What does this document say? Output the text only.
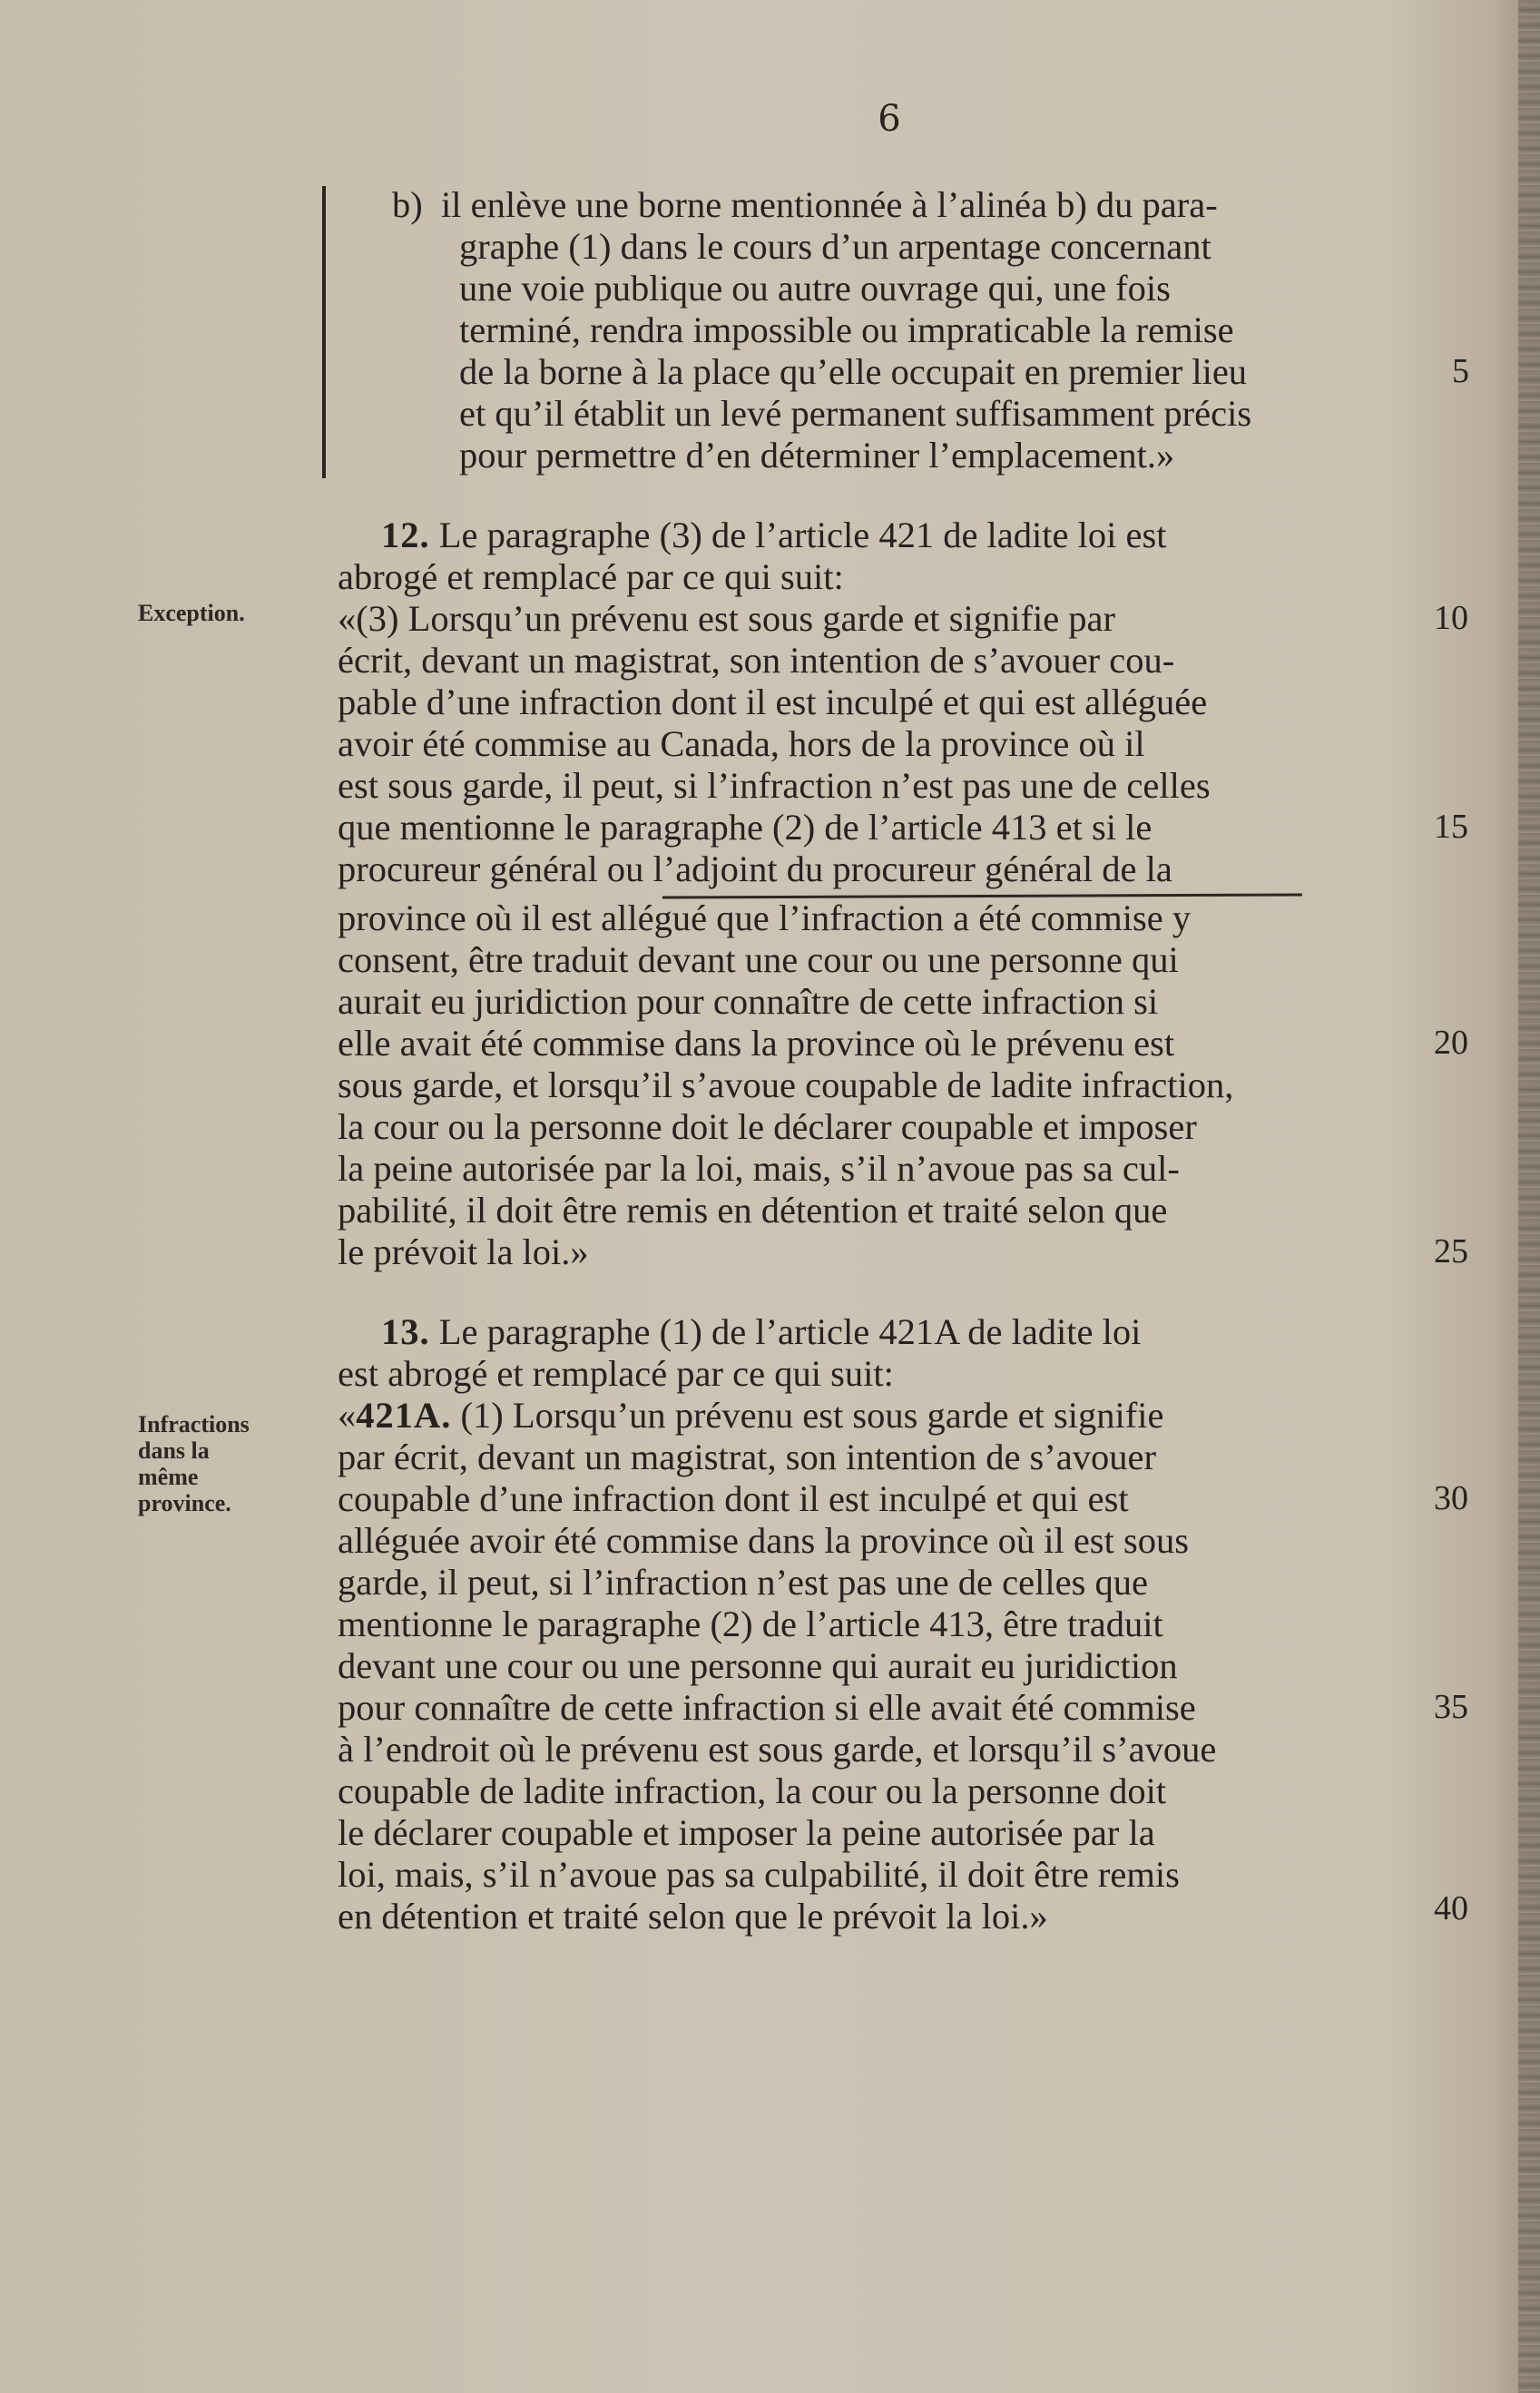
6
b)  il enlève une borne mentionnée à l’alinéa b) du para-
graphe (1) dans le cours d’un arpentage concernant
une voie publique ou autre ouvrage qui, une fois
terminé, rendra impossible ou impraticable la remise
de la borne à la place qu’elle occupait en premier lieu
et qu’il établit un levé permanent suffisamment précis
pour permettre d’en déterminer l’emplacement.»
12. Le paragraphe (3) de l’article 421 de ladite loi est
abrogé et remplacé par ce qui suit:
«(3) Lorsqu’un prévenu est sous garde et signifie par
écrit, devant un magistrat, son intention de s’avouer cou-
pable d’une infraction dont il est inculpé et qui est alléguée
avoir été commise au Canada, hors de la province où il
est sous garde, il peut, si l’infraction n’est pas une de celles
que mentionne le paragraphe (2) de l’article 413 et si le
procureur général ou l’adjoint du procureur général de la
province où il est allégué que l’infraction a été commise y
consent, être traduit devant une cour ou une personne qui
aurait eu juridiction pour connaître de cette infraction si
elle avait été commise dans la province où le prévenu est
sous garde, et lorsqu’il s’avoue coupable de ladite infraction,
la cour ou la personne doit le déclarer coupable et imposer
la peine autorisée par la loi, mais, s’il n’avoue pas sa cul-
pabilité, il doit être remis en détention et traité selon que
le prévoit la loi.»
13. Le paragraphe (1) de l’article 421A de ladite loi
est abrogé et remplacé par ce qui suit:
«421A. (1) Lorsqu’un prévenu est sous garde et signifie
par écrit, devant un magistrat, son intention de s’avouer
coupable d’une infraction dont il est inculpé et qui est
alléguée avoir été commise dans la province où il est sous
garde, il peut, si l’infraction n’est pas une de celles que
mentionne le paragraphe (2) de l’article 413, être traduit
devant une cour ou une personne qui aurait eu juridiction
pour connaître de cette infraction si elle avait été commise
à l’endroit où le prévenu est sous garde, et lorsqu’il s’avoue
coupable de ladite infraction, la cour ou la personne doit
le déclarer coupable et imposer la peine autorisée par la
loi, mais, s’il n’avoue pas sa culpabilité, il doit être remis
en détention et traité selon que le prévoit la loi.»
Exception.
Infractions
dans la
même
province.
5
10
15
20
25
30
35
40
